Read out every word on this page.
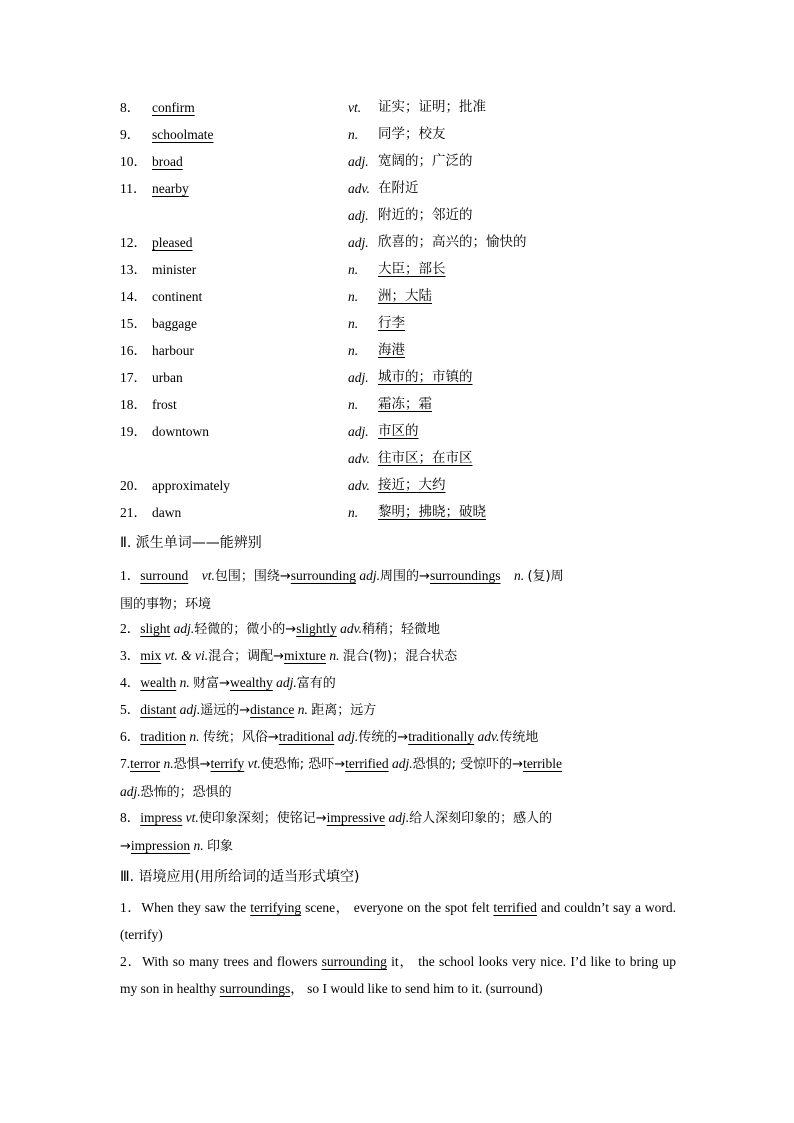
8． confirm	vt. 证实；证明；批准
9． schoolmate	n. 同学；校友
10． broad	adj. 宽阔的；广泛的
11． nearby	adv. 在附近
adj. 附近的；邻近的
12． pleased	adj. 欣喜的；高兴的；愉快的
13． minister	n. 大臣；部长
14． continent	n. 洲；大陆
15． baggage	n. 行李
16． harbour	n. 海港
17． urban	adj. 城市的；市镇的
18． frost	n. 霜冻；霜
19． downtown	adj. 市区的
adv. 往市区；在市区
20． approximately	adv. 接近；大约
21． dawn	n. 黎明；拂晓；破晓
Ⅱ. 派生单词——能辨别
1．surround vt.包围；围绕→surrounding adj.周围的→surroundings n. (复)周
围的事物；环境
2．slight adj.轻微的；微小的→slightly adv.稍稍；轻微地
3．mix vt. & vi.混合；调配→mixture n. 混合(物)；混合状态
4．wealth n. 财富→wealthy adj.富有的
5．distant adj.遥远的→distance n. 距离；远方
6．tradition n. 传统；风俗→traditional adj.传统的→traditionally adv.传统地
7.terror n.恐惧→terrify vt.使恐怖; 恐吓→terrified adj.恐惧的; 受惊吓的→terrible
adj.恐怖的；恐惧的
8．impress vt.使印象深刻；使铭记→impressive adj.给人深刻印象的；感人的
→impression n. 印象
Ⅲ. 语境应用(用所给词的适当形式填空)
1．When they saw the terrifying scene， everyone on the spot felt terrified and couldn’t say a word. (terrify)
2．With so many trees and flowers surrounding it， the school looks very nice. I’d like to bring up my son in healthy surroundings， so I would like to send him to it. (surround)
